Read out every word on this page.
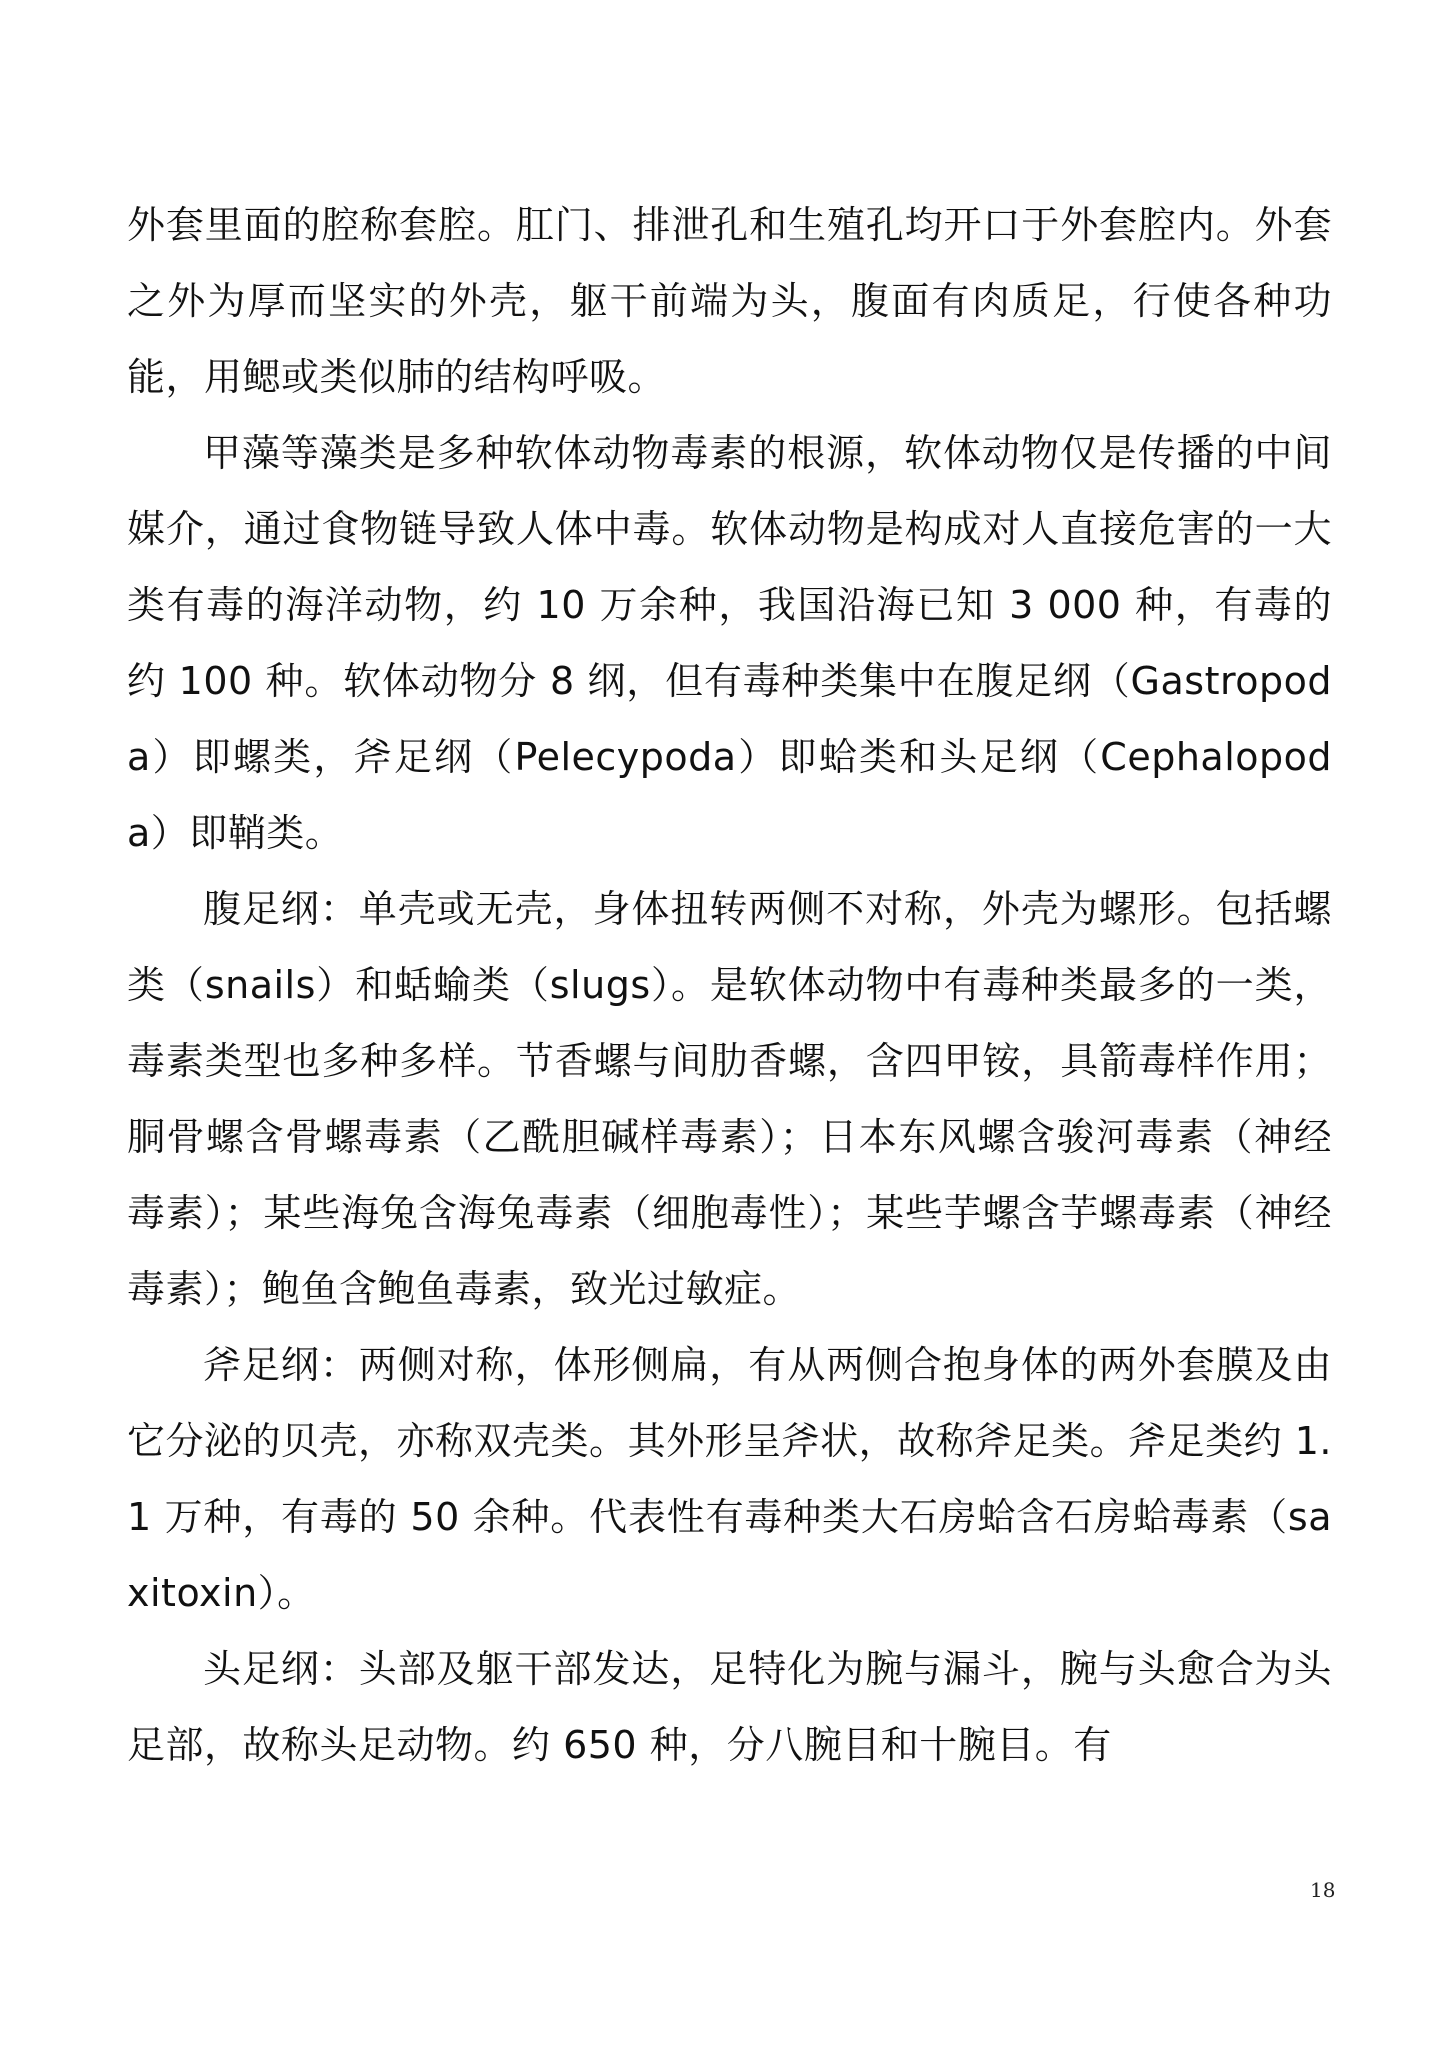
外套里面的腔称套腔。肛门、排泄孔和生殖孔均开口于外套腔内。外套之外为厚而坚实的外壳，躯干前端为头，腹面有肉质足，行使各种功能，用鳃或类似肺的结构呼吸。

甲藻等藻类是多种软体动物毒素的根源，软体动物仅是传播的中间媒介，通过食物链导致人体中毒。软体动物是构成对人直接危害的一大类有毒的海洋动物，约 10 万余种，我国沿海已知 3 000 种，有毒的约 100 种。软体动物分 8 纲，但有毒种类集中在腹足纲（Gastropoda）即螺类，斧足纲（Pelecypoda）即蛤类和头足纲（Cephalopoda）即鞘类。

腹足纲：单壳或无壳，身体扭转两侧不对称，外壳为螺形。包括螺类（snails）和蛞蝓类（slugs）。是软体动物中有毒种类最多的一类，毒素类型也多种多样。节香螺与间肋香螺，含四甲铵，具箭毒样作用；胴骨螺含骨螺毒素（乙酰胆碱样毒素）；日本东风螺含骏河毒素（神经毒素）；某些海兔含海兔毒素（细胞毒性）；某些芋螺含芋螺毒素（神经毒素）；鲍鱼含鲍鱼毒素，致光过敏症。

斧足纲：两侧对称，体形侧扁，有从两侧合抱身体的两外套膜及由它分泌的贝壳，亦称双壳类。其外形呈斧状，故称斧足类。斧足类约 1.1 万种，有毒的 50 余种。代表性有毒种类大石房蛤含石房蛤毒素（saxitoxin）。

头足纲：头部及躯干部发达，足特化为腕与漏斗，腕与头愈合为头足部，故称头足动物。约 650 种，分八腕目和十腕目。有

18
